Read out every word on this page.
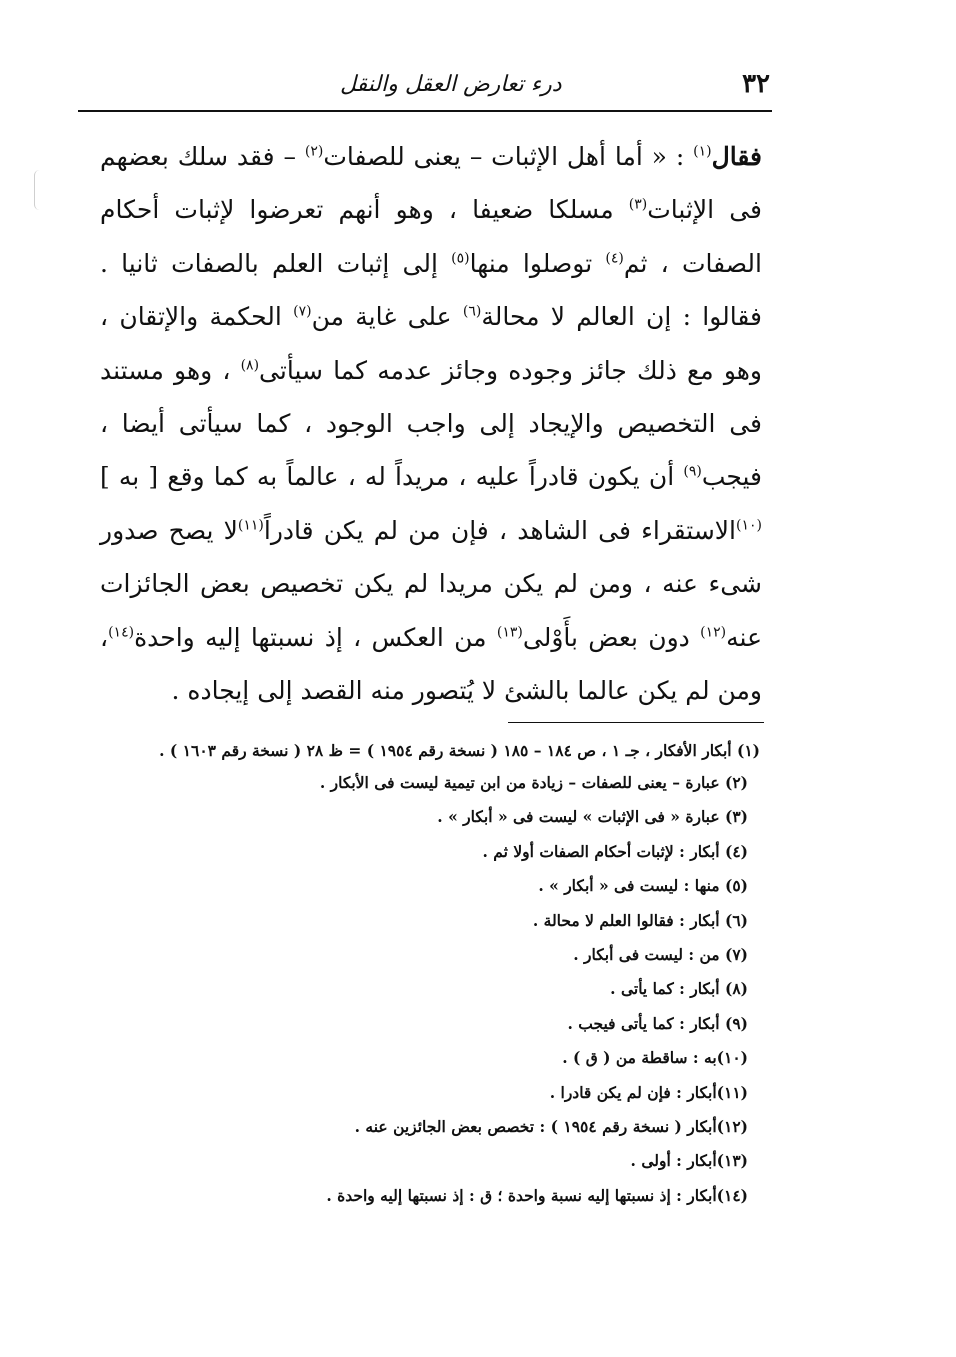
٣٢
درء تعارض العقل والنقل
فقال$^{(١)}$ : « أما أهل الإثبات – يعنى للصفات$^{(٢)}$ – فقد سلك بعضهم فى الإثبات$^{(٣)}$ مسلكا ضعيفا ، وهو أنهم تعرضوا لإثبات أحكام الصفات ، ثم$^{(٤)}$ توصلوا منها$^{(٥)}$ إلى إثبات العلم بالصفات ثانيا . فقالوا : إن العالم لا محالة$^{(٦)}$ على غاية من$^{(٧)}$ الحكمة والإتقان ، وهو مع ذلك جائز وجوده وجائز عدمه كما سيأتى$^{(٨)}$ ، وهو مستند فى التخصيص والإيجاد إلى واجب الوجود ، كما سيأتى أيضا ، فيجب$^{(٩)}$ أن يكون قادراً عليه ، مريداً له ، عالماً به كما وقع [ به ]$^{(١٠)}$الاستقراء فى الشاهد ، فإن من لم يكن قادراً$^{(١١)}$لا يصح صدور شىء عنه ، ومن لم يكن مريدا لم يكن تخصيص بعض الجائزات عنه$^{(١٢)}$ دون بعض بأَوْلى$^{(١٣)}$ من العكس ، إذ نسبتها إليه واحدة$^{(١٤)}$، ومن لم يكن عالما بالشئ لا يُتصور منه القصد إلى إيجاده .
(١) أبكار الأفكار ، جـ ١ ، ص ١٨٤ – ١٨٥ ( نسخة رقم ١٩٥٤ ) = ظ ٢٨ ( نسخة رقم ١٦٠٣ ) .
(٢) عبارة – يعنى للصفات – زيادة من ابن تيمية ليست فى الأبكار .
(٣) عبارة « فى الإثبات » ليست فى « أبكار » .
(٤) أبكار : لإثبات أحكام الصفات أولا ثم .
(٥) منها : ليست فى « أبكار » .
(٦) أبكار : فقالوا العلم لا محالة .
(٧) من : ليست فى أبكار .
(٨) أبكار : كما يأتى .
(٩) أبكار : كما يأتى فيجب .
(١٠)به : ساقطة من ( ق ) .
(١١)أبكار : فإن لم يكن قادرا .
(١٢)أبكار ( نسخة رقم ١٩٥٤ ) : تخصص بعض الجائزين عنه .
(١٣)أبكار : أولى .
(١٤)أبكار : إذ نسبتها إليه نسبة واحدة ؛ ق : إذ نسبتها إليه واحدة .
